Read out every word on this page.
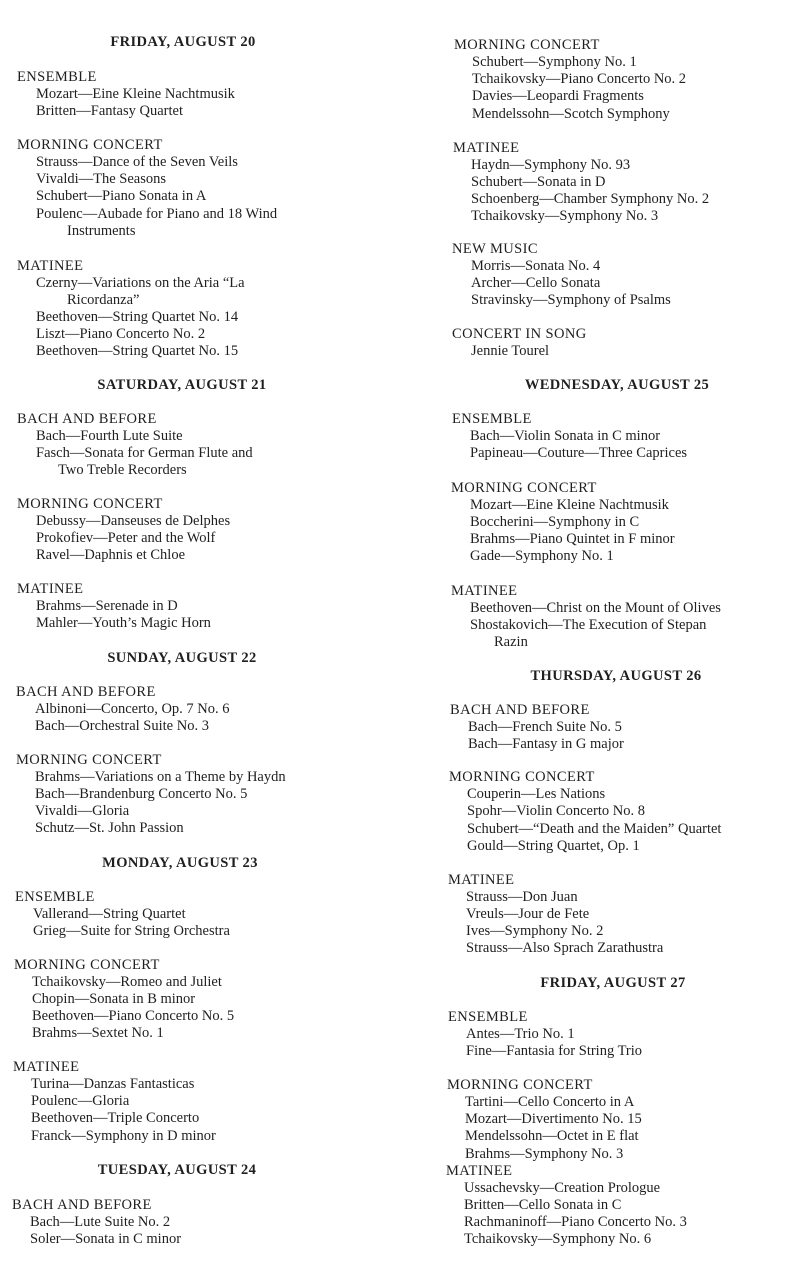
FRIDAY, AUGUST 20
ENSEMBLE
Mozart—Eine Kleine Nachtmusik
Britten—Fantasy Quartet
MORNING CONCERT
Strauss—Dance of the Seven Veils
Vivaldi—The Seasons
Schubert—Piano Sonata in A
Poulenc—Aubade for Piano and 18 Wind
Instruments
MATINEE
Czerny—Variations on the Aria “La
Ricordanza”
Beethoven—String Quartet No. 14
Liszt—Piano Concerto No. 2
Beethoven—String Quartet No. 15
SATURDAY, AUGUST 21
BACH AND BEFORE
Bach—Fourth Lute Suite
Fasch—Sonata for German Flute and
Two Treble Recorders
MORNING CONCERT
Debussy—Danseuses de Delphes
Prokofiev—Peter and the Wolf
Ravel—Daphnis et Chloe
MATINEE
Brahms—Serenade in D
Mahler—Youth’s Magic Horn
SUNDAY, AUGUST 22
BACH AND BEFORE
Albinoni—Concerto, Op. 7 No. 6
Bach—Orchestral Suite No. 3
MORNING CONCERT
Brahms—Variations on a Theme by Haydn
Bach—Brandenburg Concerto No. 5
Vivaldi—Gloria
Schutz—St. John Passion
MONDAY, AUGUST 23
ENSEMBLE
Vallerand—String Quartet
Grieg—Suite for String Orchestra
MORNING CONCERT
Tchaikovsky—Romeo and Juliet
Chopin—Sonata in B minor
Beethoven—Piano Concerto No. 5
Brahms—Sextet No. 1
MATINEE
Turina—Danzas Fantasticas
Poulenc—Gloria
Beethoven—Triple Concerto
Franck—Symphony in D minor
TUESDAY, AUGUST 24
BACH AND BEFORE
Bach—Lute Suite No. 2
Soler—Sonata in C minor
MORNING CONCERT
Schubert—Symphony No. 1
Tchaikovsky—Piano Concerto No. 2
Davies—Leopardi Fragments
Mendelssohn—Scotch Symphony
MATINEE
Haydn—Symphony No. 93
Schubert—Sonata in D
Schoenberg—Chamber Symphony No. 2
Tchaikovsky—Symphony No. 3
NEW MUSIC
Morris—Sonata No. 4
Archer—Cello Sonata
Stravinsky—Symphony of Psalms
CONCERT IN SONG
Jennie Tourel
WEDNESDAY, AUGUST 25
ENSEMBLE
Bach—Violin Sonata in C minor
Papineau—Couture—Three Caprices
MORNING CONCERT
Mozart—Eine Kleine Nachtmusik
Boccherini—Symphony in C
Brahms—Piano Quintet in F minor
Gade—Symphony No. 1
MATINEE
Beethoven—Christ on the Mount of Olives
Shostakovich—The Execution of Stepan
Razin
THURSDAY, AUGUST 26
BACH AND BEFORE
Bach—French Suite No. 5
Bach—Fantasy in G major
MORNING CONCERT
Couperin—Les Nations
Spohr—Violin Concerto No. 8
Schubert—“Death and the Maiden” Quartet
Gould—String Quartet, Op. 1
MATINEE
Strauss—Don Juan
Vreuls—Jour de Fete
Ives—Symphony No. 2
Strauss—Also Sprach Zarathustra
FRIDAY, AUGUST 27
ENSEMBLE
Antes—Trio No. 1
Fine—Fantasia for String Trio
MORNING CONCERT
Tartini—Cello Concerto in A
Mozart—Divertimento No. 15
Mendelssohn—Octet in E flat
Brahms—Symphony No. 3
MATINEE
Ussachevsky—Creation Prologue
Britten—Cello Sonata in C
Rachmaninoff—Piano Concerto No. 3
Tchaikovsky—Symphony No. 6
